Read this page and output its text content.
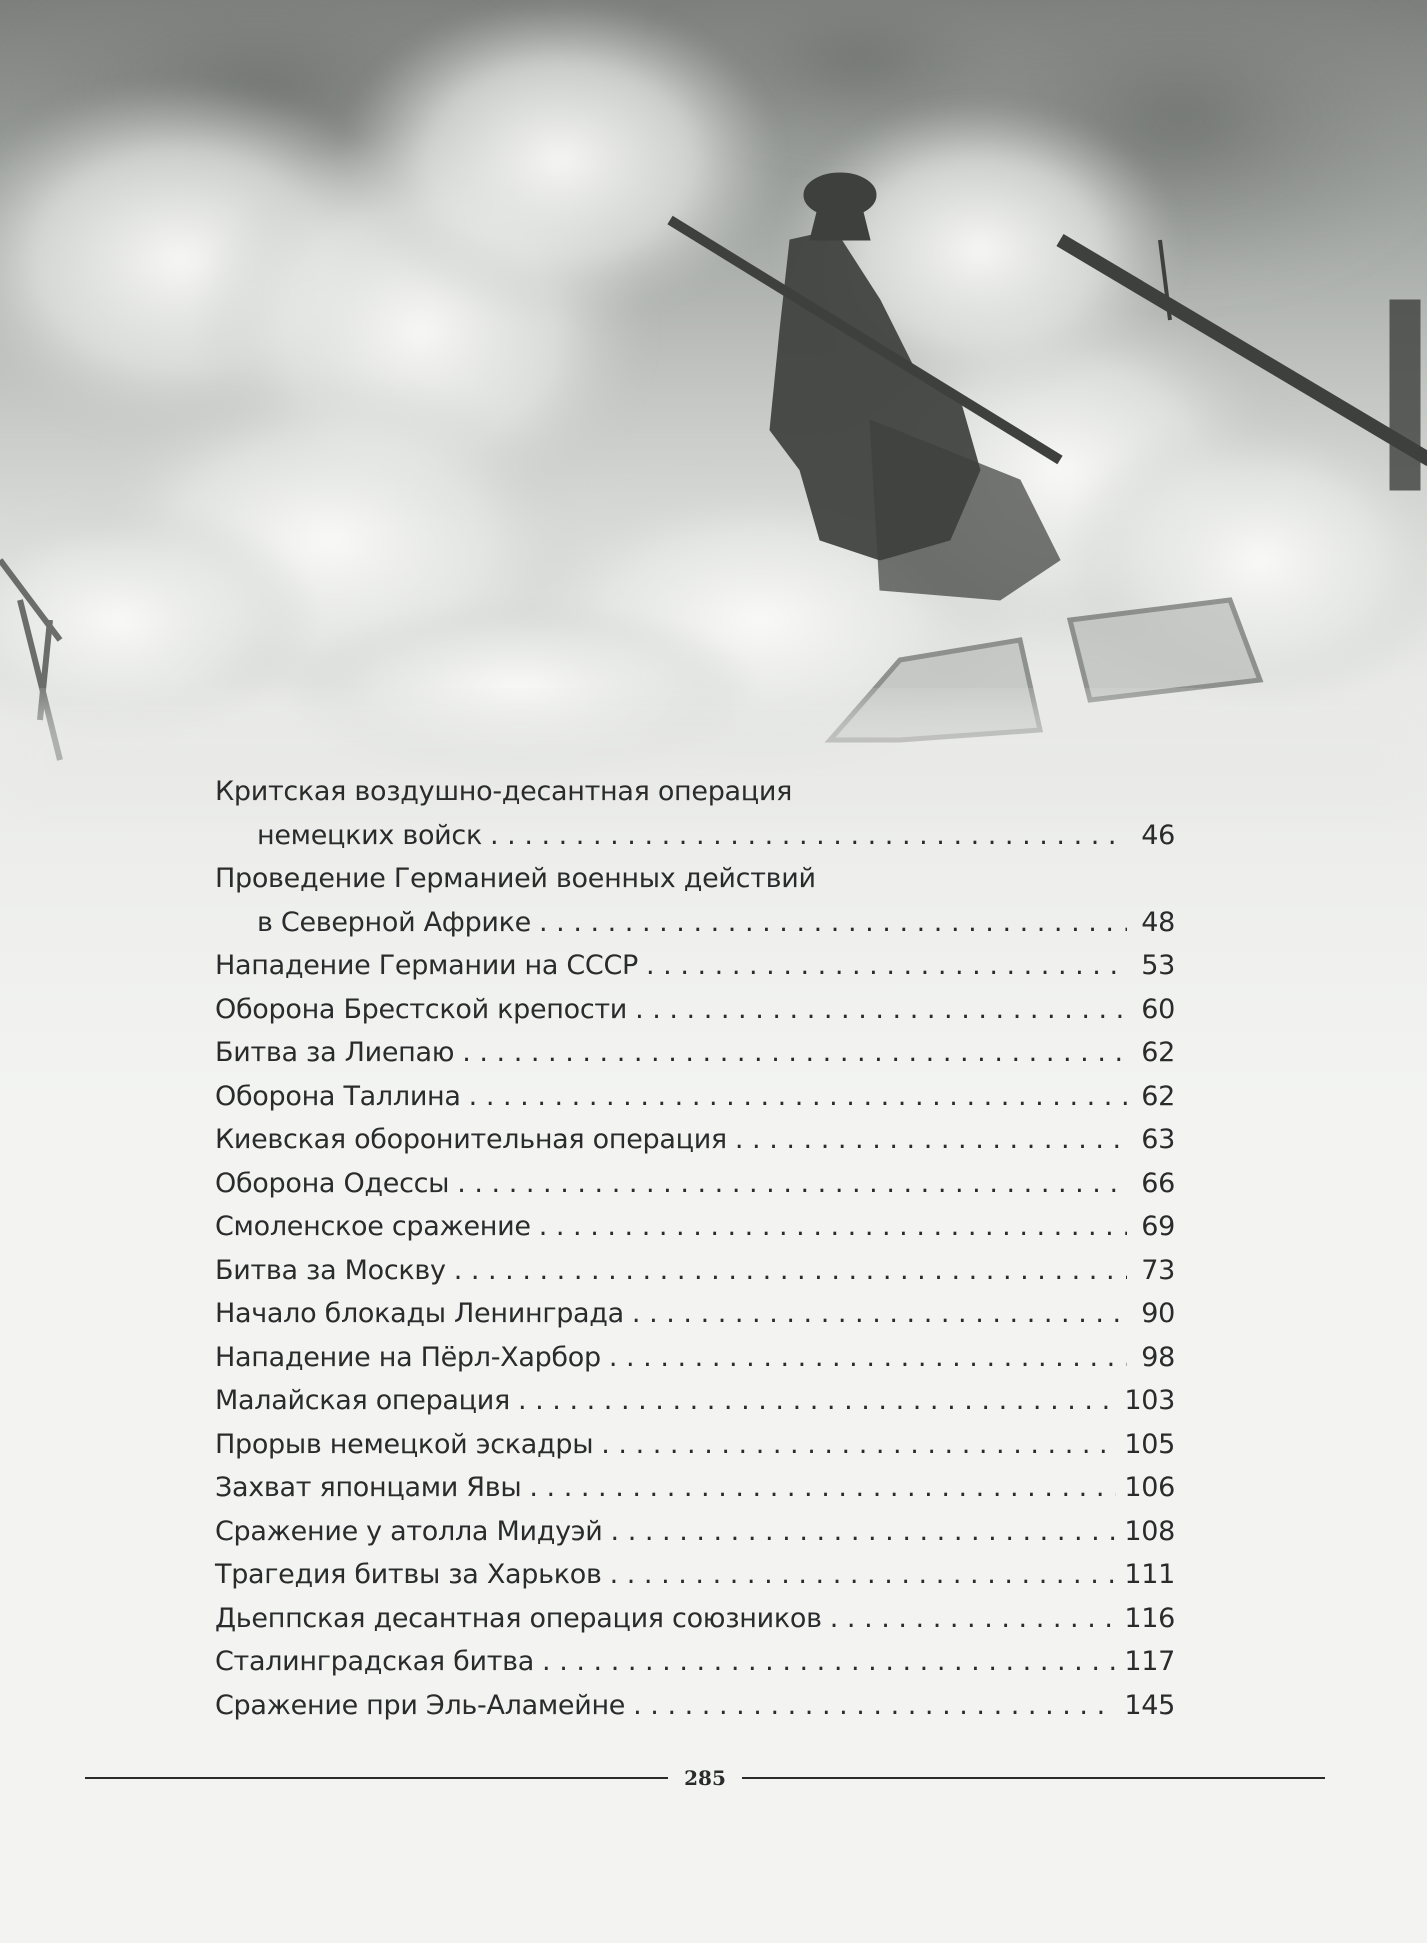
Критская воздушно-десантная операция
немецких войск . . .	46
Проведение Германией военных действий
в Северной Африке . . .	48
Нападение Германии на СССР . . .	53
Оборона Брестской крепости . . .	60
Битва за Лиепаю . . .	62
Оборона Таллина . . .	62
Киевская оборонительная операция . . .	63
Оборона Одессы . . .	66
Смоленское сражение . . .	69
Битва за Москву . . .	73
Начало блокады Ленинграда . . .	90
Нападение на Пёрл-Харбор . . .	98
Малайская операция . . .	103
Прорыв немецкой эскадры . . .	105
Захват японцами Явы . . .	106
Сражение у атолла Мидуэй . . .	108
Трагедия битвы за Харьков . . .	111
Дьеппская десантная операция союзников . . .	116
Сталинградская битва . . .	117
Сражение при Эль-Аламейне . . .	145
285
